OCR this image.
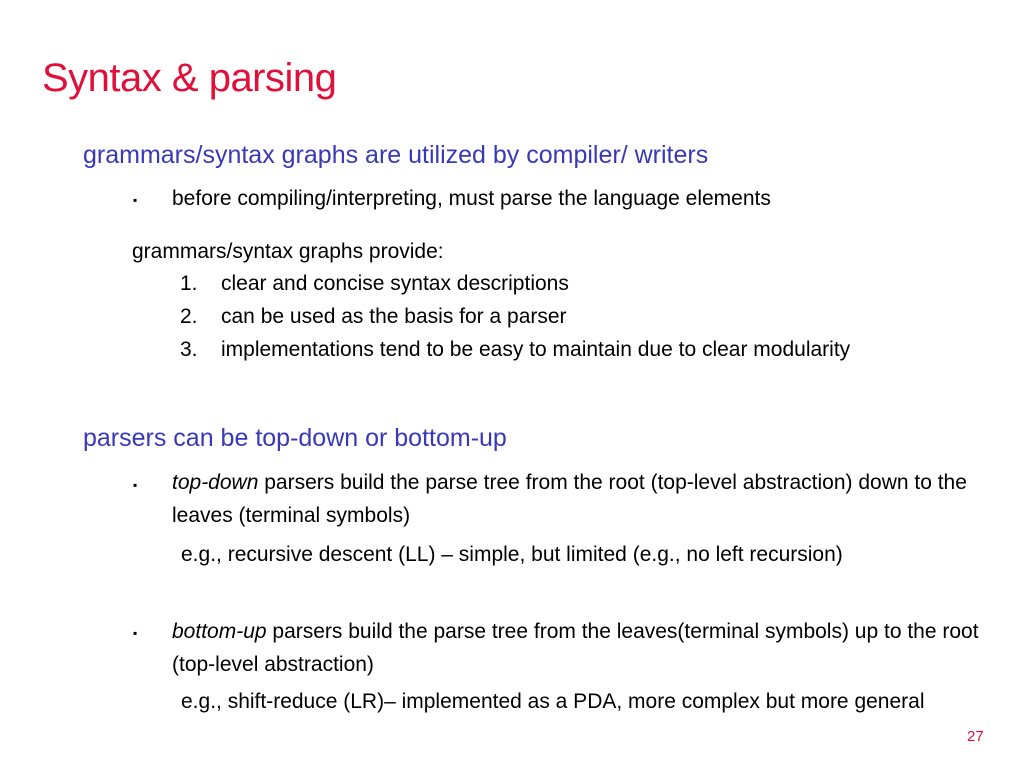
Syntax & parsing
grammars/syntax graphs are utilized by compiler/ writers
▪ before compiling/interpreting, must parse the language elements
grammars/syntax graphs provide:
1. clear and concise syntax descriptions
2. can be used as the basis for a parser
3. implementations tend to be easy to maintain due to clear modularity
parsers can be top-down or bottom-up
▪ top-down parsers build the parse tree from the root (top-level abstraction) down to the leaves (terminal symbols)
e.g., recursive descent (LL) – simple, but limited (e.g., no left recursion)
▪ bottom-up parsers build the parse tree from the leaves(terminal symbols) up to the root (top-level abstraction)
e.g., shift-reduce (LR)– implemented as a PDA, more complex but more general
27
